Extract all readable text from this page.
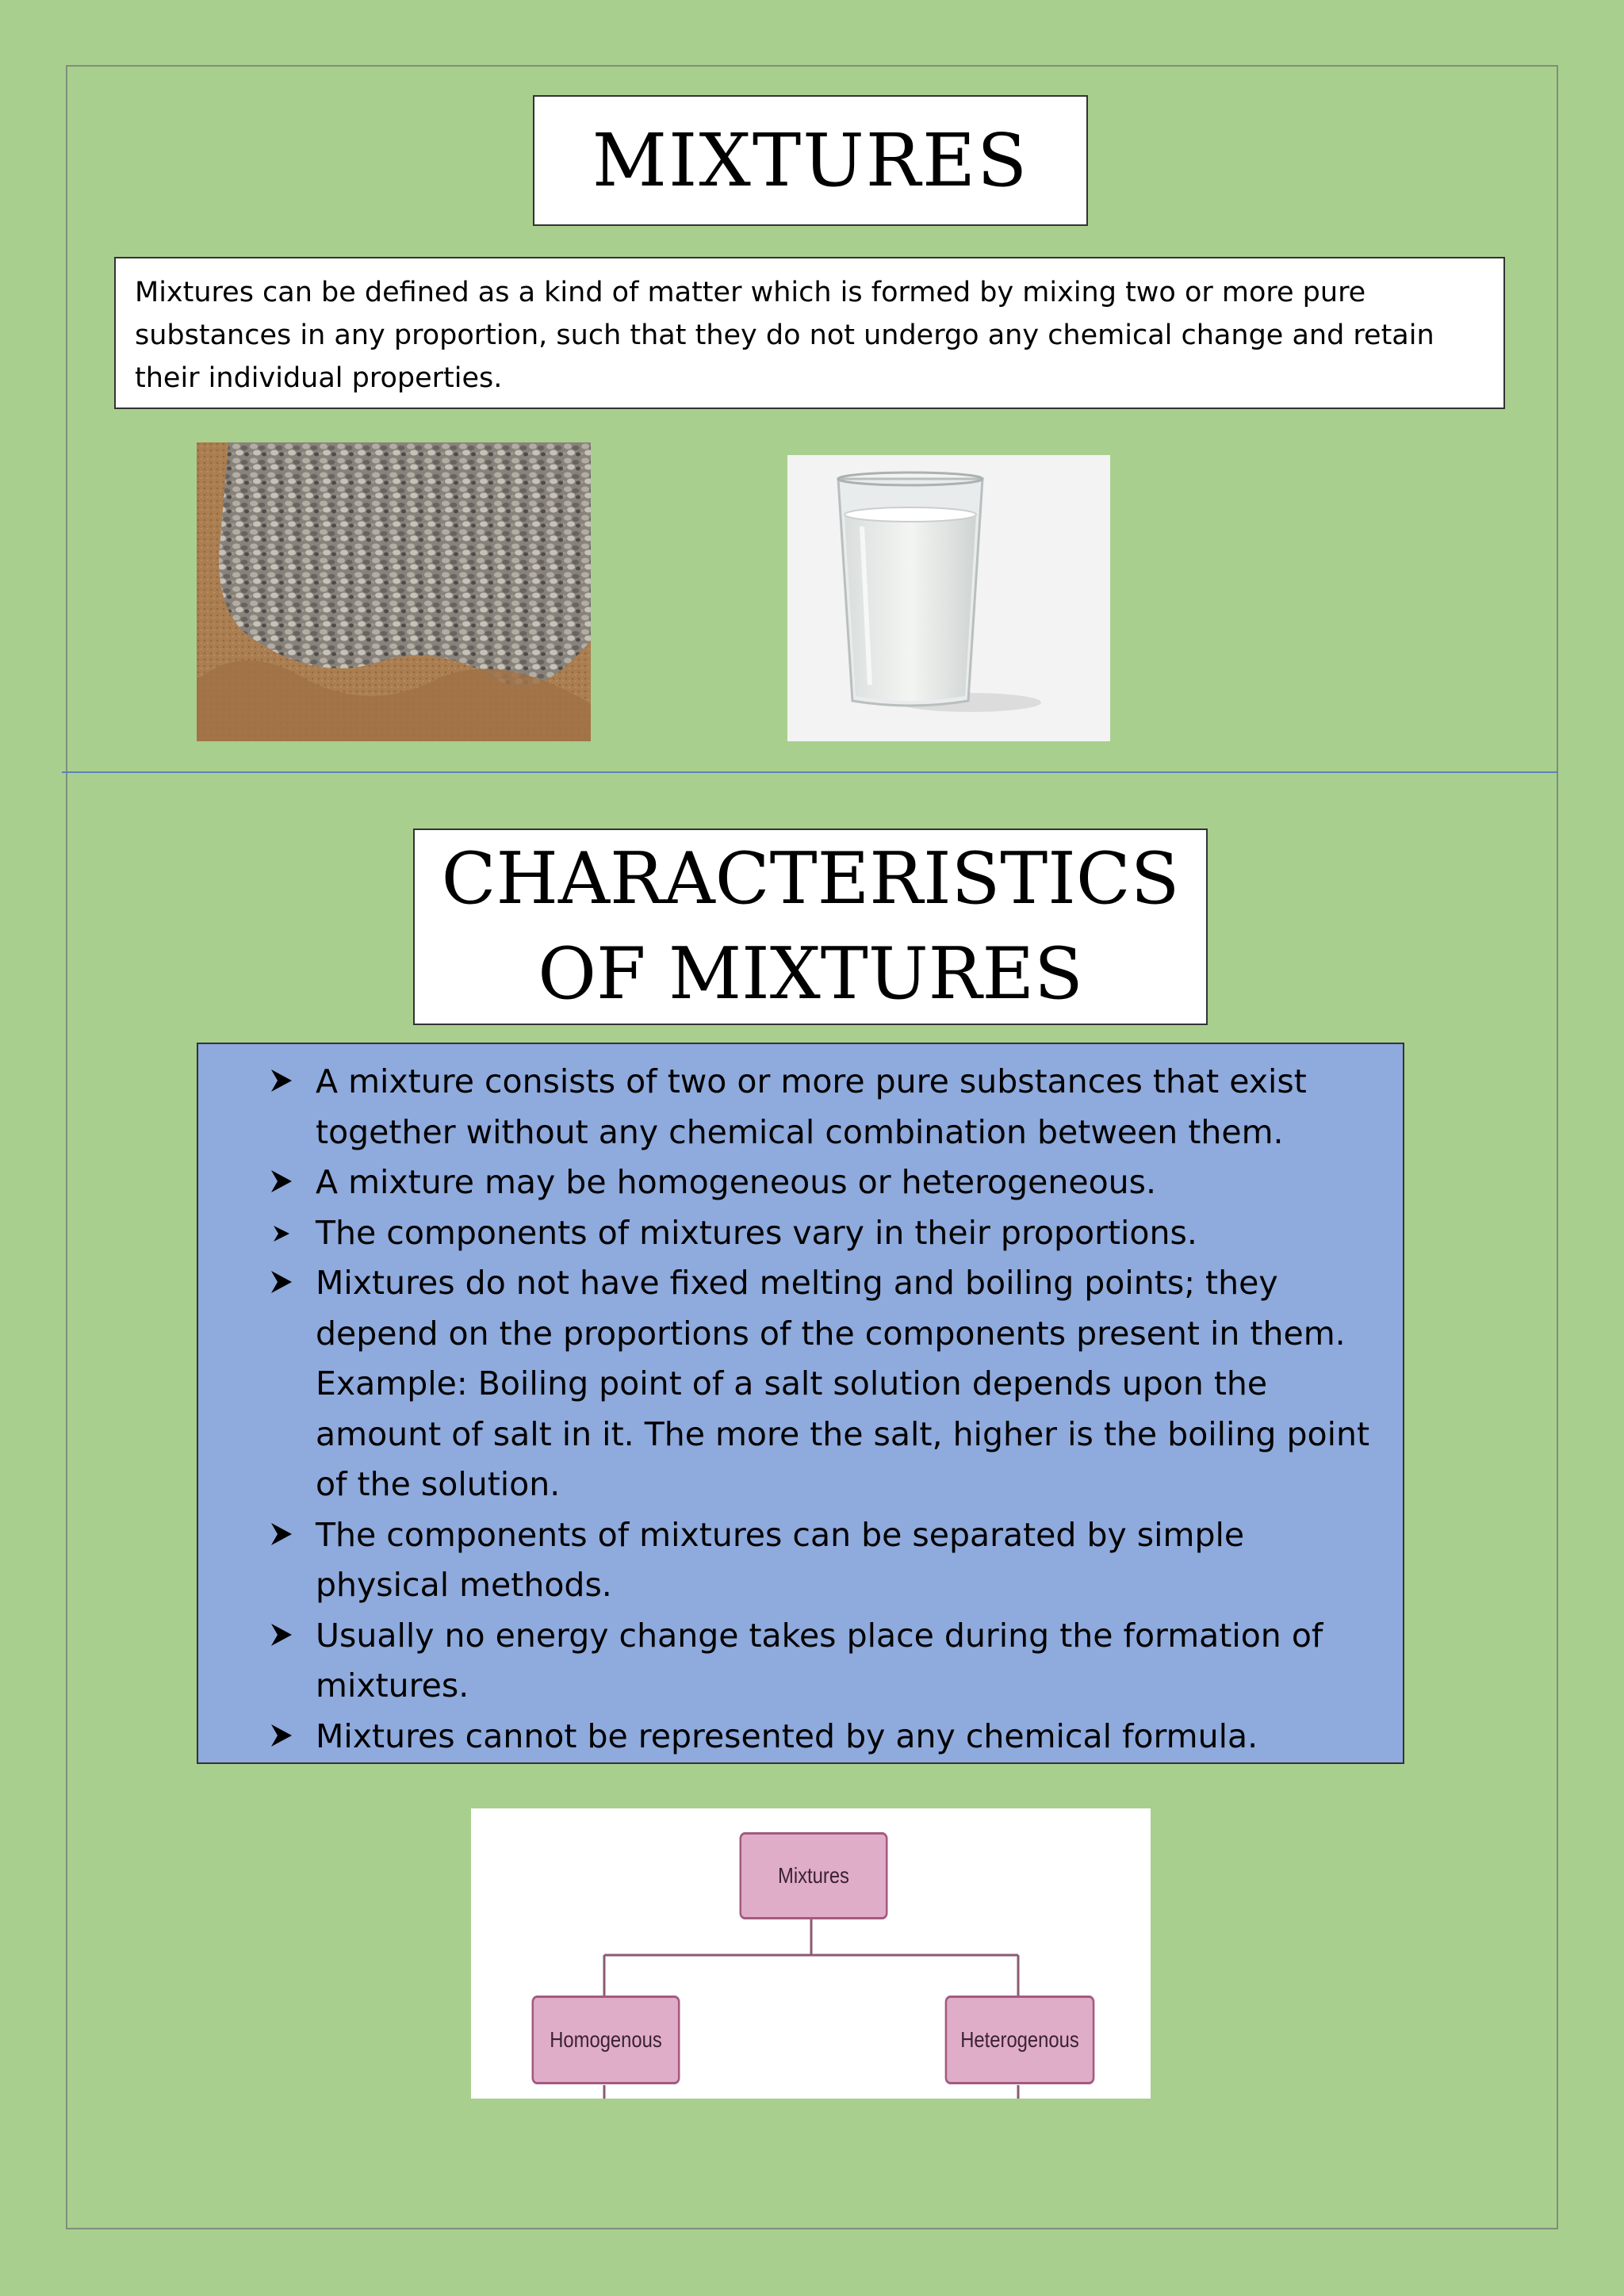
MIXTURES
Mixtures can be defined as a kind of matter which is formed by mixing two or more pure substances in any proportion, such that they do not undergo any chemical change and retain their individual properties.
CHARACTERISTICS
OF MIXTURES
A mixture consists of two or more pure substances that exist together without any chemical combination between them.
A mixture may be homogeneous or heterogeneous.
The components of mixtures vary in their proportions.
Mixtures do not have fixed melting and boiling points; they depend on the proportions of the components present in them.
Example: Boiling point of a salt solution depends upon the amount of salt in it. The more the salt, higher is the boiling point of the solution.
The components of mixtures can be separated by simple physical methods.
Usually no energy change takes place during the formation of mixtures.
Mixtures cannot be represented by any chemical formula.
Mixtures
Homogenous	Heterogenous
